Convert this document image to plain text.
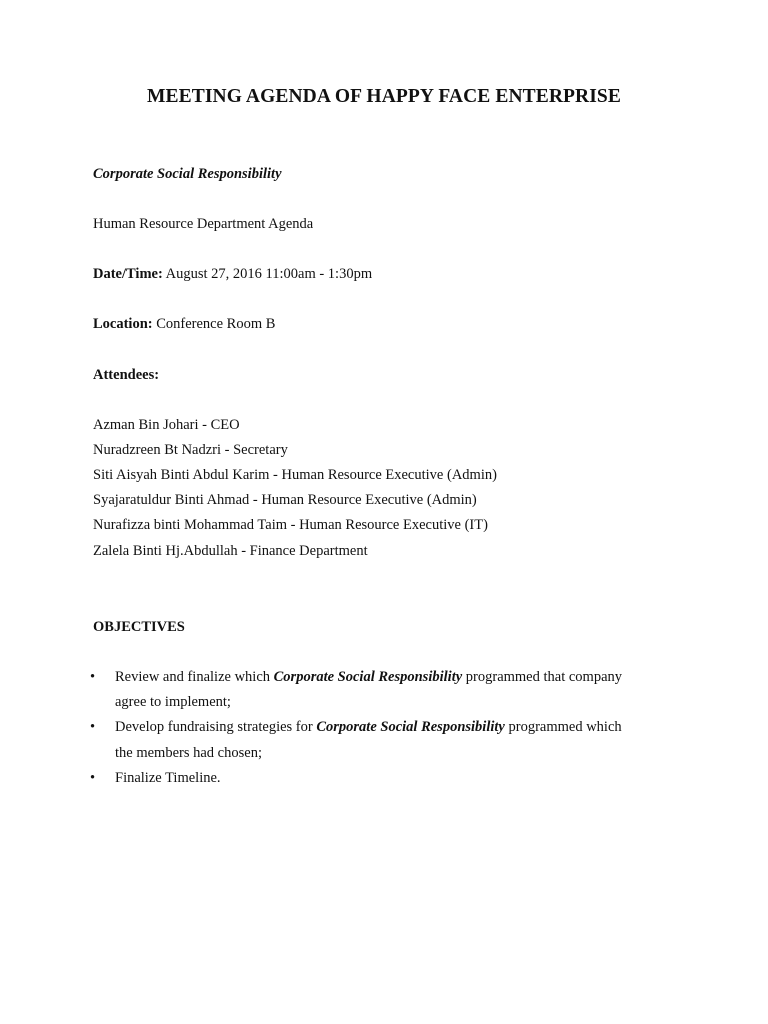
MEETING AGENDA OF HAPPY FACE ENTERPRISE
Corporate Social Responsibility
Human Resource Department Agenda
Date/Time: August 27, 2016 11:00am - 1:30pm
Location: Conference Room B
Attendees:
Azman Bin Johari - CEO
Nuradzreen Bt Nadzri - Secretary
Siti Aisyah Binti Abdul Karim - Human Resource Executive (Admin)
Syajaratuldur Binti Ahmad - Human Resource Executive (Admin)
Nurafizza binti Mohammad Taim - Human Resource Executive (IT)
Zalela Binti Hj.Abdullah - Finance Department
OBJECTIVES
• Review and finalize which Corporate Social Responsibility programmed that company
agree to implement;
• Develop fundraising strategies for Corporate Social Responsibility programmed which
the members had chosen;
• Finalize Timeline.
